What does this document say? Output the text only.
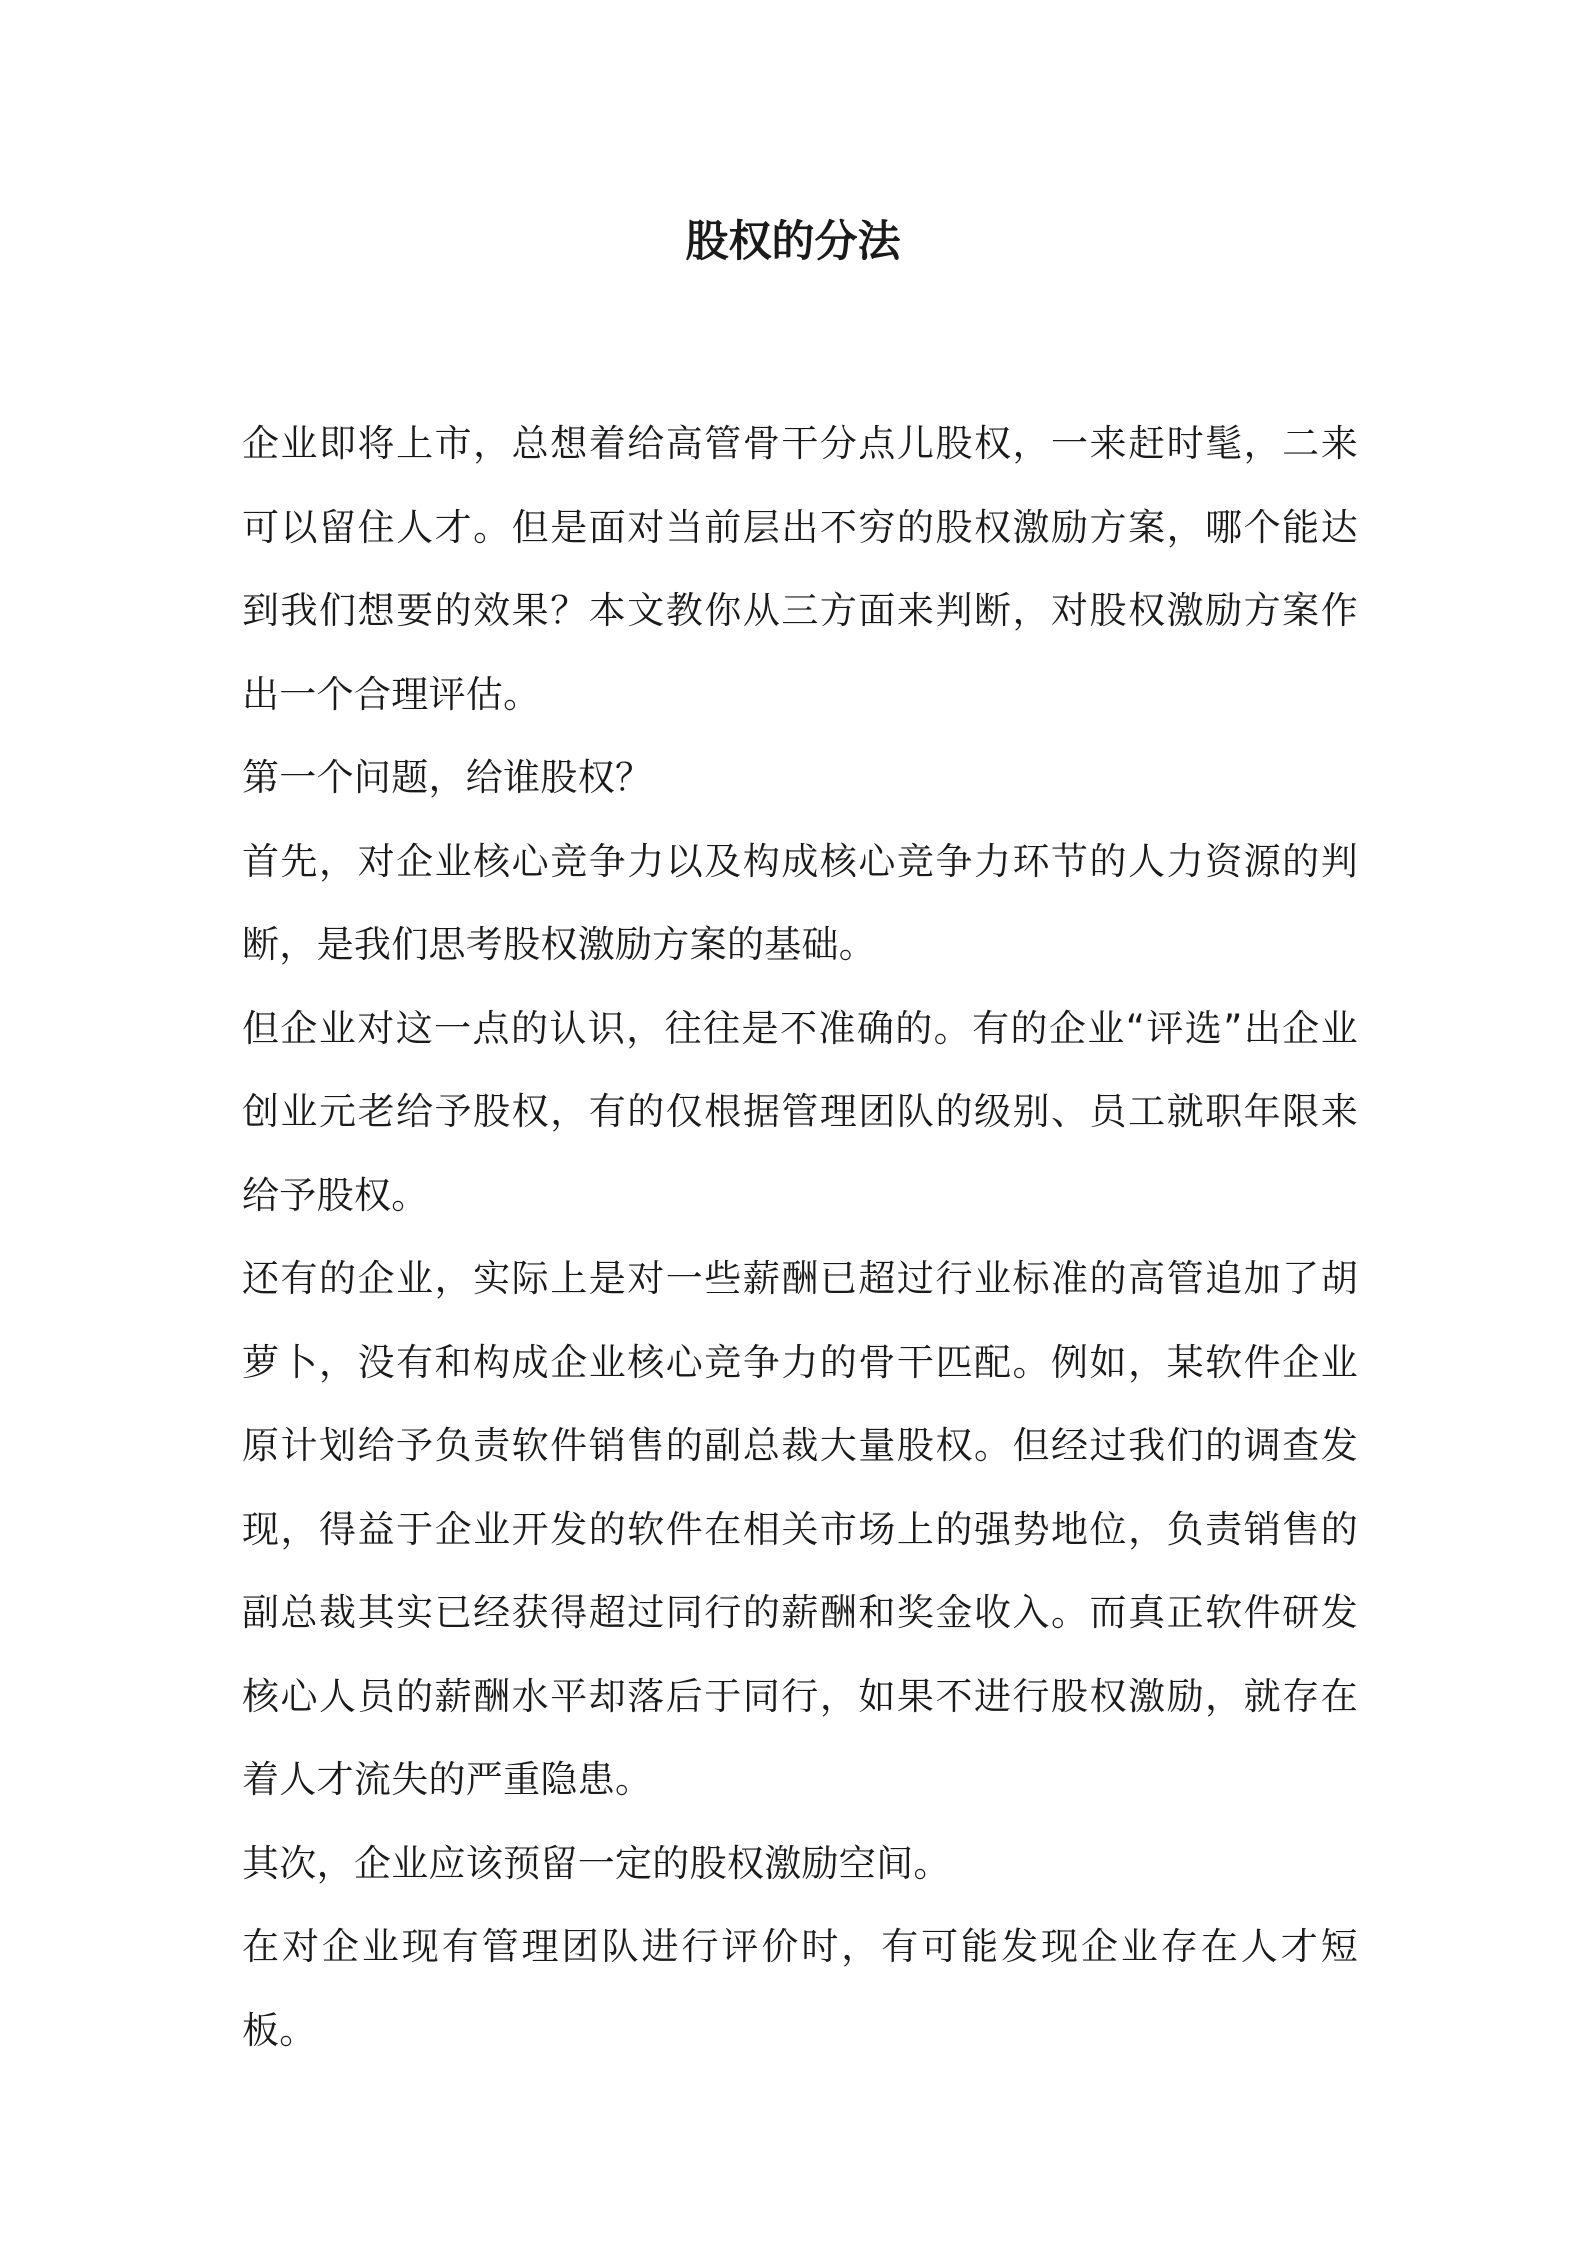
股权的分法

企业即将上市，总想着给高管骨干分点儿股权，一来赶时髦，二来可以留住人才。但是面对当前层出不穷的股权激励方案，哪个能达到我们想要的效果？本文教你从三方面来判断，对股权激励方案作出一个合理评估。

第一个问题，给谁股权？

首先，对企业核心竞争力以及构成核心竞争力环节的人力资源的判断，是我们思考股权激励方案的基础。

但企业对这一点的认识，往往是不准确的。有的企业“评选”出企业创业元老给予股权，有的仅根据管理团队的级别、员工就职年限来给予股权。

还有的企业，实际上是对一些薪酬已超过行业标准的高管追加了胡萝卜，没有和构成企业核心竞争力的骨干匹配。例如，某软件企业原计划给予负责软件销售的副总裁大量股权。但经过我们的调查发现，得益于企业开发的软件在相关市场上的强势地位，负责销售的副总裁其实已经获得超过同行的薪酬和奖金收入。而真正软件研发核心人员的薪酬水平却落后于同行，如果不进行股权激励，就存在着人才流失的严重隐患。

其次，企业应该预留一定的股权激励空间。

在对企业现有管理团队进行评价时，有可能发现企业存在人才短板。
